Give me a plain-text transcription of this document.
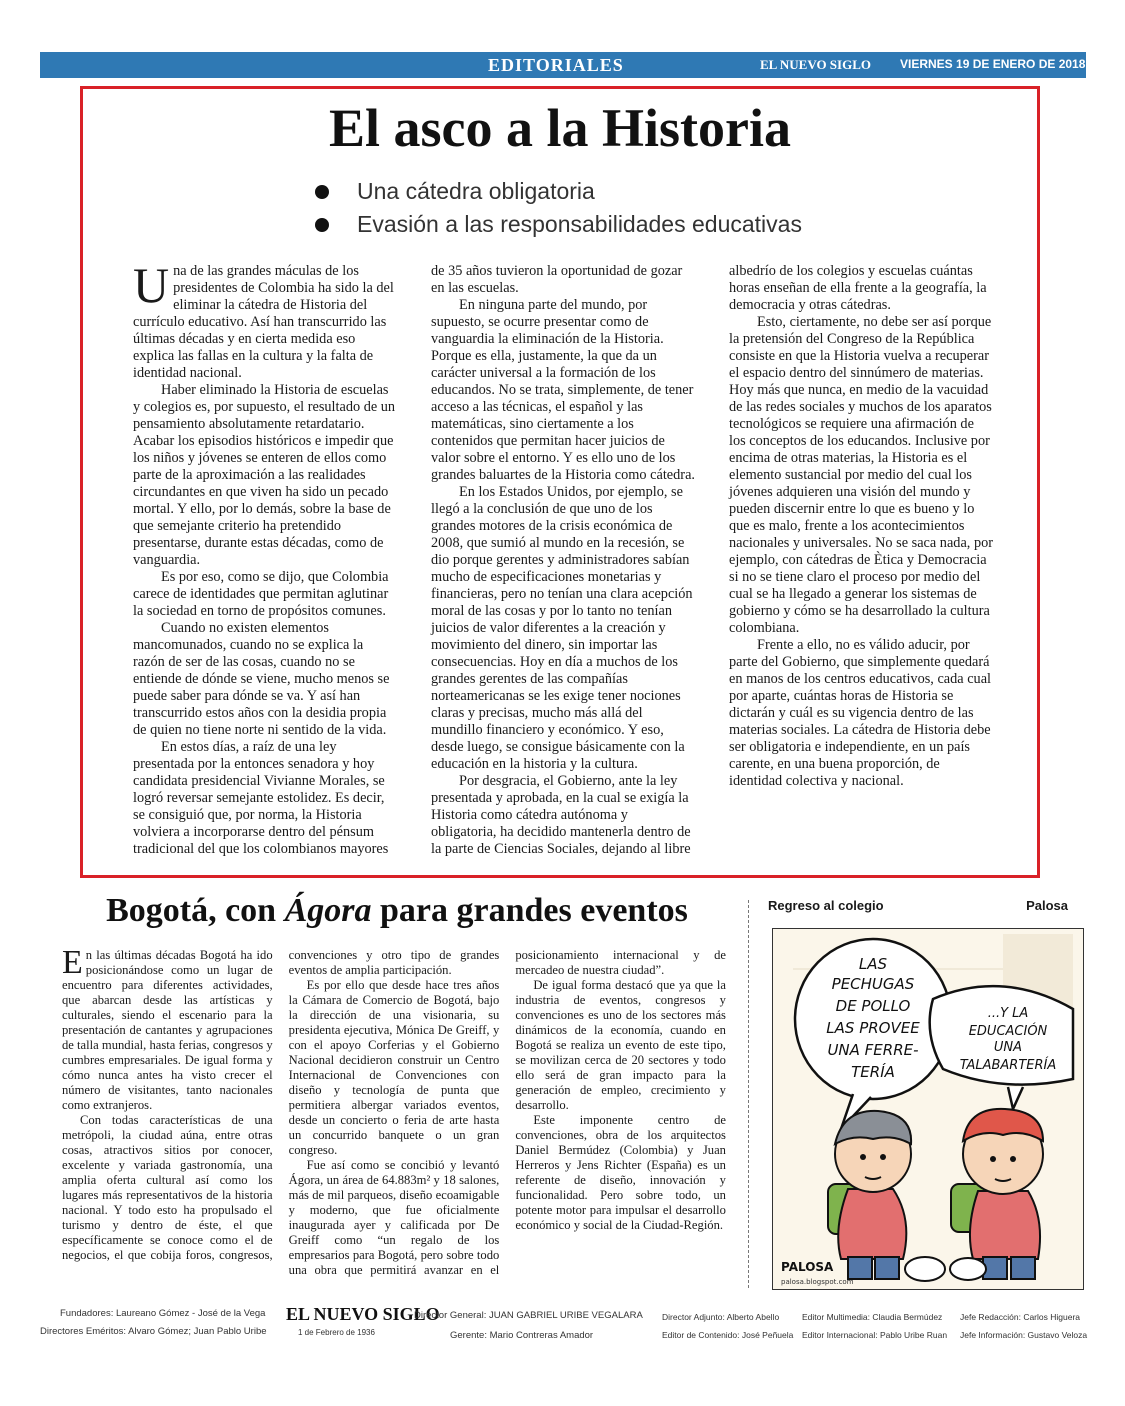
EDITORIALES	EL NUEVO SIGLO VIERNES 19 DE ENERO DE 2018 3A
El asco a la Historia
Una cátedra obligatoria
Evasión a las responsabilidades educativas

Una de las grandes máculas de los presidentes de Colombia ha sido la del eliminar la cátedra de Historia del currículo educativo. Así han transcurrido las últimas décadas y en cierta medida eso explica las fallas en la cultura y la falta de identidad nacional.

Haber eliminado la Historia de escuelas y colegios es, por supuesto, el resultado de un pensamiento absolutamente retardatario. Acabar los episodios históricos e impedir que los niños y jóvenes se enteren de ellos como parte de la aproximación a las realidades circundantes en que viven ha sido un pecado mortal. Y ello, por lo demás, sobre la base de que semejante criterio ha pretendido presentarse, durante estas décadas, como de vanguardia.

Es por eso, como se dijo, que Colombia carece de identidades que permitan aglutinar la sociedad en torno de propósitos comunes.

Cuando no existen elementos mancomunados, cuando no se explica la razón de ser de las cosas, cuando no se entiende de dónde se viene, mucho menos se puede saber para dónde se va. Y así han transcurrido estos años con la desidia propia de quien no tiene norte ni sentido de la vida.

En estos días, a raíz de una ley presentada por la entonces senadora y hoy candidata presidencial Vivianne Morales, se logró reversar semejante estolidez. Es decir, se consiguió que, por norma, la Historia volviera a incorporarse dentro del pénsum tradicional del que los colombianos mayores de 35 años tuvieron la oportunidad de gozar en las escuelas.

En ninguna parte del mundo, por supuesto, se ocurre presentar como de vanguardia la eliminación de la Historia. Porque es ella, justamente, la que da un carácter universal a la formación de los educandos. No se trata, simplemente, de tener acceso a las técnicas, el español y las matemáticas, sino ciertamente a los contenidos que permitan hacer juicios de valor sobre el entorno. Y es ello uno de los grandes baluartes de la Historia como cátedra.

En los Estados Unidos, por ejemplo, se llegó a la conclusión de que uno de los grandes motores de la crisis económica de 2008, que sumió al mundo en la recesión, se dio porque gerentes y administradores sabían mucho de especificaciones monetarias y financieras, pero no tenían una clara acepción moral de las cosas y por lo tanto no tenían juicios de valor diferentes a la creación y movimiento del dinero, sin importar las consecuencias. Hoy en día a muchos de los grandes gerentes de las compañías norteamericanas se les exige tener nociones claras y precisas, mucho más allá del mundillo financiero y económico. Y eso, desde luego, se consigue básicamente con la educación en la historia y la cultura.

Por desgracia, el Gobierno, ante la ley presentada y aprobada, en la cual se exigía la Historia como cátedra autónoma y obligatoria, ha decidido mantenerla dentro de la parte de Ciencias Sociales, dejando al libre albedrío de los colegios y escuelas cuántas horas enseñan de ella frente a la geografía, la democracia y otras cátedras.

Esto, ciertamente, no debe ser así porque la pretensión del Congreso de la República consiste en que la Historia vuelva a recuperar el espacio dentro del sinnúmero de materias. Hoy más que nunca, en medio de la vacuidad de las redes sociales y muchos de los aparatos tecnológicos se requiere una afirmación de los conceptos de los educandos. Inclusive por encima de otras materias, la Historia es el elemento sustancial por medio del cual los jóvenes adquieren una visión del mundo y pueden discernir entre lo que es bueno y lo que es malo, frente a los acontecimientos nacionales y universales. No se saca nada, por ejemplo, con cátedras de Ètica y Democracia si no se tiene claro el proceso por medio del cual se ha llegado a generar los sistemas de gobierno y cómo se ha desarrollado la cultura colombiana.

Frente a ello, no es válido aducir, por parte del Gobierno, que simplemente quedará en manos de los centros educativos, cada cual por aparte, cuántas horas de Historia se dictarán y cuál es su vigencia dentro de las materias sociales. La cátedra de Historia debe ser obligatoria e independiente, en un país carente, en una buena proporción, de identidad colectiva y nacional.

Bogotá, con Ágora para grandes eventos

En las últimas décadas Bogotá ha ido posicionándose como un lugar de encuentro para diferentes actividades, que abarcan desde las artísticas y culturales, siendo el escenario para la presentación de cantantes y agrupaciones de talla mundial, hasta ferias, congresos y cumbres empresariales. De igual forma y cómo nunca antes ha visto crecer el número de visitantes, tanto nacionales como extranjeros.

Con todas características de una metrópoli, la ciudad aúna, entre otras cosas, atractivos sitios por conocer, excelente y variada gastronomía, una amplia oferta cultural así como los lugares más representativos de la historia nacional. Y todo esto ha propulsado el turismo y dentro de éste, el que específicamente se conoce como el de negocios, el que cobija foros, congresos, convenciones y otro tipo de grandes eventos de amplia participación.

Es por ello que desde hace tres años la Cámara de Comercio de Bogotá, bajo la dirección de una visionaria, su presidenta ejecutiva, Mónica De Greiff, y con el apoyo Corferias y el Gobierno Nacional decidieron construir un Centro Internacional de Convenciones con diseño y tecnología de punta que permitiera albergar variados eventos, desde un concierto o feria de arte hasta un concurrido banquete o un gran congreso.

Fue así como se concibió y levantó Ágora, un área de 64.883m² y 18 salones, más de mil parqueos, diseño ecoamigable y moderno, que fue oficialmente inaugurada ayer y calificada por De Greiff como “un regalo de los empresarios para Bogotá, pero sobre todo una obra que permitirá avanzar en el posicionamiento internacional y de mercadeo de nuestra ciudad”.

De igual forma destacó que ya que la industria de eventos, congresos y convenciones es uno de los sectores más dinámicos de la economía, cuando en Bogotá se realiza un evento de este tipo, se movilizan cerca de 20 sectores y todo ello será de gran impacto para la generación de empleo, crecimiento y desarrollo.

Este imponente centro de convenciones, obra de los arquitectos Daniel Bermúdez (Colombia) y Juan Herreros y Jens Richter (España) es un referente de diseño, innovación y funcionalidad. Pero sobre todo, un potente motor para impulsar el desarrollo económico y social de la Ciudad-Región.

Regreso al colegio	Palosa
LAS
PECHUGAS
DE POLLO
LAS PROVEE
UNA FERRE-
TERÍA
...Y LA
EDUCACIÓN
UNA
TALABARTERÍA
PALOSA
palosa.blogspot.com
Fundadores: Laureano Gómez - José de la Vega
Directores Eméritos: Alvaro Gómez; Juan Pablo Uribe
EL NUEVO SIGLO
1 de Febrero de 1936
Director General: JUAN GABRIEL URIBE VEGALARA
Gerente: Mario Contreras Amador
Director Adjunto: Alberto Abello
Editor de Contenido: José Peñuela
Editor Multimedia: Claudia Bermúdez
Editor Internacional: Pablo Uribe Ruan
Jefe Redacción: Carlos Higuera
Jefe Información: Gustavo Veloza
